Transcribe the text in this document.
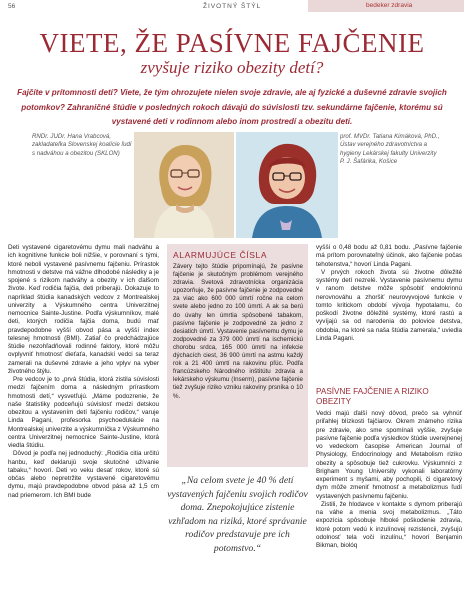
56	ŽIVOTNÝ ŠTÝL	bedeker zdravia
VIETE, ŽE PASÍVNE FAJČENIE
zvyšuje riziko obezity detí?
Fajčíte v prítomnosti detí? Viete, že tým ohrozujete nielen svoje zdravie, ale aj fyzické a duševné zdravie svojich potomkov? Zahraničné štúdie v posledných rokoch dávajú do súvislosti tzv. sekundárne fajčenie, ktorému sú vystavené deti v rodinnom alebo inom prostredí a obezitu detí.
RNDr. JUDr. Hana Vrabcová, zakladateľka Slovenskej koalície ľudí s nadváhou a obezitou (SKLON)
prof. MVDr. Tatiana Kimáková, PhD., Ústav verejného zdravotníctva a hygieny Lekárskej fakulty Univerzity P. J. Šafárika, Košice

Deti vystavené cigaretovému dymu mali nadváhu a ich kognitívne funkcie boli nižšie, v porovnaní s tými, ktoré neboli vystavené pasívnemu fajčeniu. Prírastok hmotnosti v detstve má vážne dlhodobé následky a je spojené s rizikom nadváhy a obezity v ich ďalšom živote. Keď rodičia fajčia, deti priberajú. Dokazuje to napríklad štúdia kanadských vedcov z Montrealskej univerzity a Výskumného centra Univerzitnej nemocnice Sainte-Justine. Podľa výskumníkov, malé deti, ktorých rodičia fajčia doma, budú mať pravdepodobne vyšší obvod pása a vyšší index telesnej hmotnosti (BMI). Zatiaľ čo predchádzajúce štúdie nezohľadňovali rodinné faktory, ktoré môžu ovplyvniť hmotnosť dieťaťa, kanadskí vedci sa teraz zamerali na duševné zdravie a jeho vplyv na vyber životného štýlu.

Pre vedcov je to „prvá štúdia, ktorá zistila súvislosti medzi fajčením doma a následným prírastkom hmotnosti detí,“ vysvetľujú. „Máme podozrenie, že naše štatistiky podceňujú súvislosť medzi detskou obezitou a vystavením detí fajčeniu rodičov,“ varuje Linda Pagani, profesorka psychoedukácie na Montrealskej univerzite a výskumníčka z Výskumného centra Univerzitnej nemocnice Sainte-Justine, ktorá viedla štúdiu.

Dôvod je podľa nej jednoduchý: „Rodičia citia určitú hanbu, keď deklarujú svoje skutočné užívanie tabaku,“ hovorí. Deti vo veku desať rokov, ktoré sú občas alebo nepretržite vystavené cigaretovému dymu, majú pravdepodobne obvod pása až 1,5 cm nad priemerom. Ich BMI bude

ALARMUJÚCE ČÍSLA
Závery tejto štúdie pripomínajú, že pasívne fajčenie je skutočným problémom verejného zdravia. Svetová zdravotnícka organizácia upozorňuje, že pasívne fajčenie je zodpovedné za viac ako 600 000 úmrtí ročne na celom svete alebo jedno zo 100 úmrtí. A ak sa berú do úvahy len úmrtia spôsobené tabakom, pasívne fajčenie je zodpovedné za jedno z desiatich úmrtí. Vystavenie pasívnemu dymu je zodpovedné za 379 000 úmrtí na ischemickú chorobu srdca, 165 000 úmrtí na infekcie dýchacích ciest, 36 900 úmrtí na astmu každý rok a 21 400 úmrtí na rakovinu pľúc. Podľa francúzskeho Národného inštitútu zdravia a lekárskeho výskumu (Inserm), pasívne fajčenie tiež zvyšuje riziko vzniku rakoviny prsníka o 10 %.
„Na celom svete je 40 % detí vystavených fajčeniu svojich rodičov doma. Znepokojujúce zistenie vzhľadom na riziká, ktoré správanie rodičov predstavuje pre ich potomstvo.“

vyšší o 0,48 bodu až 0,81 bodu. „Pasívne fajčenie má prítom porovnateľný účinok, ako fajčenie počas tehotenstva,“ hovorí Linda Pagani.

V prvých rokoch života sú životne dôležité systémy detí nezrelé. Vystavenie pasívnemu dymu v ranom detstve môže spôsobiť endokrinnú nerovnováhu a zhoršiť neurovyvojové funkcie v tomto kritickom období vývoja hypotalamu, čo poškodí životne dôležité systémy, ktoré rastú a vyvíjajú sa od narodenia do polovice detstva, obdobia, na ktoré sa naša štúdia zamerala,“ uviedla Linda Pagani.

PASÍVNE FAJČENIE A RIZIKO OBEZITY

Vedci majú ďalší nový dôvod, prečo sa vyhnúť priľahlej blízkosti fajčiarov. Okrem známeho rizika pre zdravie, ako sme spomínali vyššie, zvyšuje pasívne fajčenie podľa výsledkov štúdie uverejnenej vo vedeckom časopise American Journal of Physiology, Endocrinology and Metabolism riziko obezity a spôsobuje tiež cukrovku. Výskumníci z Brigham Young University vykonali laboratórny experiment s myšami, aby pochopili, či cigaretový dym môže zmeniť hmotnosť a metabolizmus ľudí vystavených pasívnemu fajčeniu.

Zistili, že hlodavce v kontakte s dymom priberajú na váhe a menia svoj metabolizmus. „Táto expozícia spôsobuje hlboké poškodenie zdravia, ktoré potom vedú k inzulínovej rezistencii, zvyšujú odolnosť tela voči inzulínu,“ hovorí Benjamin Bikman, biolóq
